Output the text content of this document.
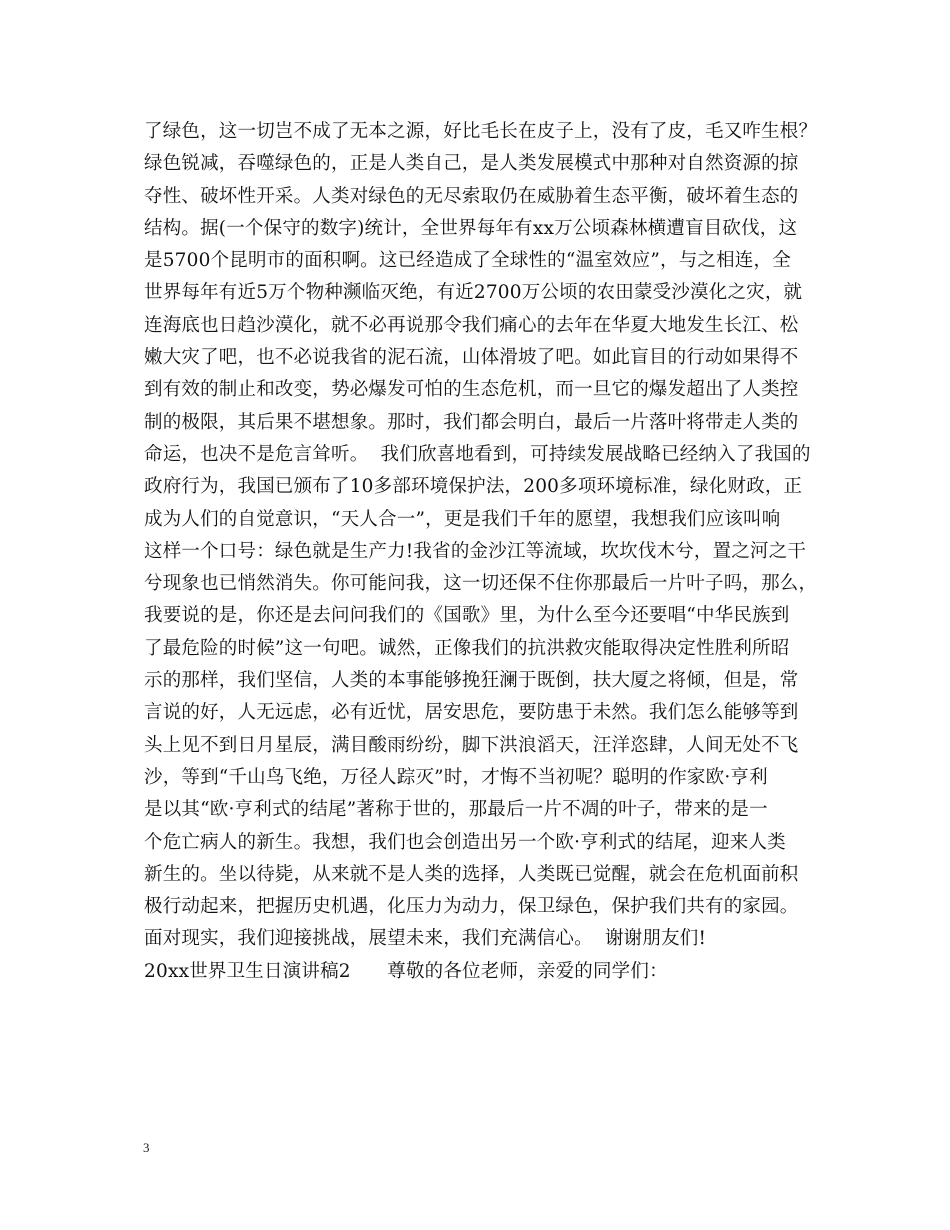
了绿色，这一切岂不成了无本之源，好比毛长在皮子上，没有了皮，毛又咋生根？
绿色锐减，吞噬绿色的，正是人类自己，是人类发展模式中那种对自然资源的掠
夺性、破坏性开采。人类对绿色的无尽索取仍在威胁着生态平衡，破坏着生态的
结构。据(一个保守的数字)统计，全世界每年有xx万公顷森林横遭盲目砍伐，这
是5700个昆明市的面积啊。这已经造成了全球性的“温室效应”，与之相连，全
世界每年有近5万个物种濒临灭绝，有近2700万公顷的农田蒙受沙漠化之灾，就
连海底也日趋沙漠化，就不必再说那令我们痛心的去年在华夏大地发生长江、松
嫩大灾了吧，也不必说我省的泥石流，山体滑坡了吧。如此盲目的行动如果得不
到有效的制止和改变，势必爆发可怕的生态危机，而一旦它的爆发超出了人类控
制的极限，其后果不堪想象。那时，我们都会明白，最后一片落叶将带走人类的
命运，也决不是危言耸听。  我们欣喜地看到，可持续发展战略已经纳入了我国的
政府行为，我国已颁布了10多部环境保护法，200多项环境标准，绿化财政，正
成为人们的自觉意识，“天人合一”，更是我们千年的愿望，我想我们应该叫响
这样一个口号：绿色就是生产力!我省的金沙江等流域，坎坎伐木兮，置之河之干
兮现象也已悄然消失。你可能问我，这一切还保不住你那最后一片叶子吗，那么，
我要说的是，你还是去问问我们的《国歌》里，为什么至今还要唱“中华民族到
了最危险的时候”这一句吧。诚然，正像我们的抗洪救灾能取得决定性胜利所昭
示的那样，我们坚信，人类的本事能够挽狂澜于既倒，扶大厦之将倾，但是，常
言说的好，人无远虑，必有近忧，居安思危，要防患于未然。我们怎么能够等到
头上见不到日月星辰，满目酸雨纷纷，脚下洪浪滔天，汪洋恣肆，人间无处不飞
沙，等到“千山鸟飞绝，万径人踪灭”时，才悔不当初呢？聪明的作家欧·亨利
是以其“欧·亨利式的结尾”著称于世的，那最后一片不凋的叶子，带来的是一
个危亡病人的新生。我想，我们也会创造出另一个欧·亨利式的结尾，迎来人类
新生的。坐以待毙，从来就不是人类的选择，人类既已觉醒，就会在危机面前积
极行动起来，把握历史机遇，化压力为动力，保卫绿色，保护我们共有的家园。
面对现实，我们迎接挑战，展望未来，我们充满信心。  谢谢朋友们!
20xx世界卫生日演讲稿2      尊敬的各位老师，亲爱的同学们：
3
